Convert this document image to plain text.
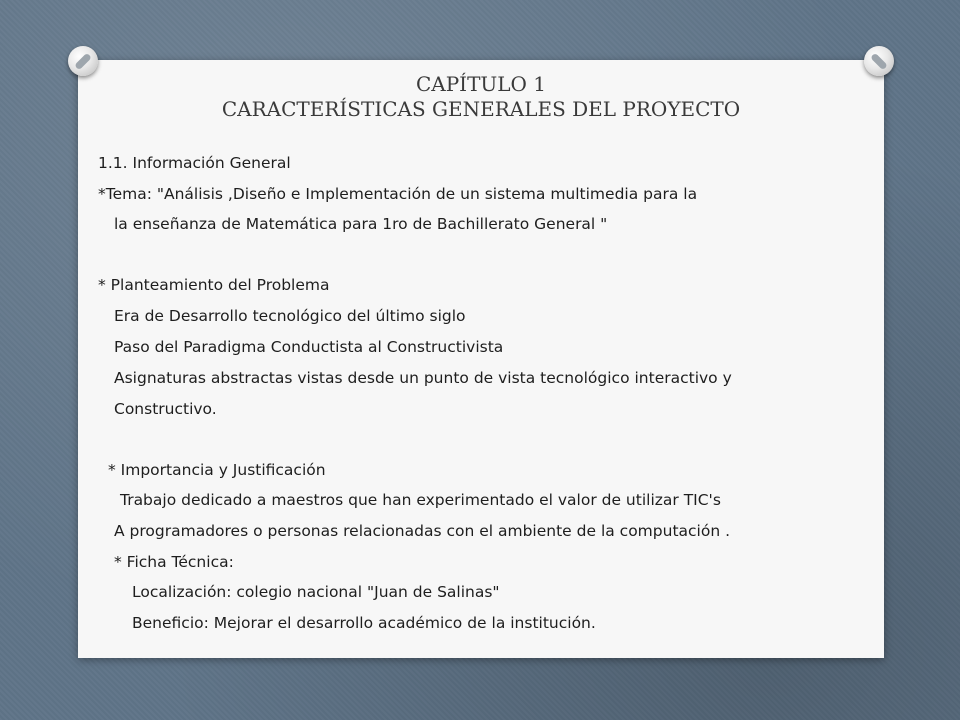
CAPÍTULO 1
CARACTERÍSTICAS GENERALES DEL PROYECTO
1.1. Información General
*Tema: "Análisis ,Diseño e Implementación de un sistema multimedia para la
la enseñanza de Matemática para 1ro de Bachillerato General "
* Planteamiento del Problema
Era de Desarrollo tecnológico del último siglo
Paso del Paradigma Conductista al Constructivista
Asignaturas abstractas vistas desde un punto de vista tecnológico interactivo y
Constructivo.
* Importancia y Justificación
Trabajo dedicado a maestros que han experimentado el valor de utilizar TIC's
A programadores o personas relacionadas con el ambiente de la computación .
* Ficha Técnica:
Localización: colegio nacional "Juan de Salinas"
Beneficio: Mejorar el desarrollo académico de la institución.
